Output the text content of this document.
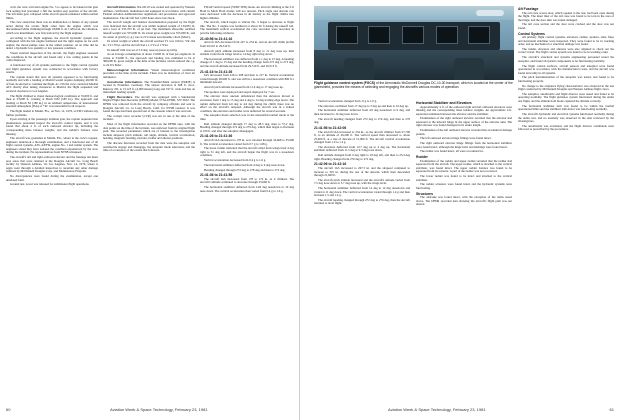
craft, the crew activated engine No. 3 to appear to be balanced the gust lock setting had prevented a full the normal stop position of the aircraft. The left main gear collapsed while aircraft speeds remained within normal limits.

The crew stated that there was no malfunction or failure of any system noted during the events flight other than the engine which was discontinued while climbing through 18,000 ft. At 1:48 local, the vibration, which was intermittent, was first noticed by the flight engineer.

According to the flight engineer, the aircraft hydraulic system was configured with the left engine feathered and the right engine on for each engine; the motor-pumps were in the armed position. At no time did he detect a hydraulic low quantity or low pressure condition.

Visual external inspection of the aircraft, the flight engineer assessed the conditions in the aircraft and found only a few ceiling panels in the cabin displaced.

A functional test of all systems pertinent to the flight control systems and flight guidance system was conducted in accordance with factory results.

The captain stated that once all systems appeared to be functioning normally and with a landing at Madrid would require dumping 40,000 lb. of fuel, he elected to continue the flight. At 1:56 the crew contacted Madrid ATC shortly after tuning clearances to Madrid, the flight requested and received clearance to Los Angeles.

The flight climbed to visual meteorological conditions at 35,000 ft. and then to 33,000 ft. cruising at Mach 0.82 (180 kt.). The approach and landing at Mach 82 (180 kt.) in an ambient temperature of international standard atmosphere (ISA) of +4C was uneventful in all respects.

The flight landed at Miami, Fla., on Nov. 12, 1979, at 0303 without any further problems.

Upon arriving at the passenger terminal gate, the captain requested that maintenance personnel inspect the aircraft's control inputs, and it was found that about 4 ft. of each outboard elevator tip, including the corresponding mass balance weights, and the rudder's balance were missing.

The aircraft was grounded at Miami, Fla., where at the crew's request, engineers undertook a thorough examination, and a functional test of all flight control systems, ATS, AP/FD, engine No. 1 and rudder system. The engineers stated they have isolated the condition experienced by the crew during the incident. No representatives from NTSB witnessed.

The aircraft's tail and right outboard elevator and the fuselage tail inner area areas that were retained at the Douglas Aircraft Co. Long Beach facility by Western Airlines, via Los Angeles, Nov. 14, 1979, where it again went through a detailed inspection to ascertain any other damage suffered by McDonnell Douglas Corp. and Maintenance Program.

No discrepancies were found during the examination, except one unrelated fault.

Ground test. A test was released for submission flight operations.

Aircraft Information. NA-DC10 was owned and operated by Western Airlines, certificated, maintained and equipped in accordance with current Federal Aviation Administration regulations and procedures and approved maintenance. The aircraft had 1,063 hours since last check.

The aircraft weight and balance documentation prepared by the flight crew indicated that the aircraft was within required weight of 134,855 lb. and a load of 235,703 lb. of jet fuel. The maximum allowable certified takeoff weight was 555,000 lb. Its actual gross weight was 555,000 lb. and its center of gravity (c.g.) was at 21% mean aerodynamic chord (MAC).

Its actual weight at which the aircraft reached V1 was 160 kt.; VR 164 kt.; V2 170 kt. and the aircraft had a 1.3 Vs of 170 kt.

Its takeoff trim was set at 5.0 deg. nose up (nose up trim).

As an average consumption of about 13,000 lb. of fuel per engine-hr. in cruise at 33,000 ft., the approach and landing was estimated to be at 389,000 lb. gross weight at the time of the incident, which reduced the c.g. to 22.6% MAC.

Meteorological Information. Visual meteorological conditions prevailed at the time of the incident. There was no indication of clear air turbulence.

Aerodrome Information. The Frankfurt/Main Airport (EDDF) is located in Frankfurt, Germany. The airport elevation is 368 ft. m.s.l. Runway 25L is 13,123 ft. (4,000 meters) long and 197 ft. wide and has an instrument landing system.

Flight Recorders. The aircraft was equipped with a Sundstrand Digital Flight Data Recorder (DFDR) Model 573A-UFDR, S/N 3632. The DFDR was removed from the aircraft by company officials and sent to Douglas Aircraft Co. in Long Beach, Calif. for NTSB readout. It was found the tape had been spooled out of the cassette when it was read out.

The cockpit voice recorder (CVR) was not in use at the time of the incident.

Most of the flight information recorded on the DFDR tape, with the data points on the time of the incident, was retrieved from its original flight path. The recorded parameters which are of interest to the investigation include airspeed, pitch attitude, roll angle, altitude, vertical acceleration, heading, magnetic heading, elevator, rudder and aileron positions.

The discrete functions recorded from the data were the autopilot and autothrottle engage and disengage, the autopilot mode selections, and the time of occurrence of the events that followed.

FD/AP vertical speed (VERT SPD) mode. An aircraft climbing at the 5-ft Hold in Mach Hold modes will not descent. Pitch angle and descent rate were decreased with the decrease in all density as the flight climbs into higher altitudes.

The aircraft, which began to vibrate No. 3 began to decrease to flight idle. The No. 3 engine was feathered at about 20 ft during the takeoff roll. The maximum vertical acceleration the crew recorded, were recorded, in part the following evidence:

21:40:56 to 21:41:16

Aircraft IAS decreased from 247 to 254 kt. and an aircraft climb profile from 29,510 to 29,510 ft.

Aircraft pitch attitude increased from 8 deg to 11 deg nose up. Roll attitude varied from wings level to 14 deg right wing down.

The horizontal stabilizer was deflected from 1.1 deg to 15 deg. A heading change of 1 deg to 15 deg and the heading change from 272 deg to 273 deg, and the aircraft altitude increased from 29,510 ft. and 29,513 ft.

21:41:16 to 21:41:26

IAS decreased from 226 to 208 and then to 217 kt. Vertical acceleration varied through 26.600 ft. and was still in a nosedown condition with 800 ft a minimum descent.

Aircraft pitch attitude increased from 11.6 deg to 17 deg nose up.

The spoilers were deployed and stayed deployed for 7 sec.

The elevator show uneven unbalanced then the elevators moved at excursion from 1 deg to 15 deg and 4 deg to 14 deg trailing edge down. The rudder deflected from 4.6 deg to 4.6 deg during the climb; there was no effect on the aircraft's airspeed. Although the aircraft was in a stalled condition, the elevators and rudder were deflected for several seconds.

The autopilot mode selection was in the uneventful normal mode at the time.

Roll attitude changed through 17 deg to 28.3 deg, then to 57.2 deg. Heading changed through 274 deg to 279 deg, which then began to fluctuate at 100 ft. and after the autopilot disengaged.

21:41:26 to 21:41:36

Aircraft IAS decreased to 178 kt. as it traveled through 34,668 to 35,900 ft. The vertical acceleration varied from 0.7 g to 1.68 g.

The lower rudder indicated that the aircraft rolled from wings level 4 deg right to 31 deg left, and the aircraft began the flight was in a nosedown condition.

Vertical acceleration decreased from 0.4 g to 1.6 g.

The horizontal stabilizer deflected from 4 deg to 6 deg nose down.

Heading changed through 273 deg to 278 deg and then to 272 deg.

21:41:36 to 21:41:56

The aircraft IAS decreased from 178 to 172 kt. as it climbed. The aircraft's altitude continued to decrease through 25,600 ft.

The horizontal stabilizer deflected from 14.8 deg nosedown to 10 deg nose down. The vertical acceleration then varied from 0.4 g to 1.6 g.

60	Aviation Week & Space Technology, February 23, 1981
Flight guidance control system (FGCS) of the Aeronautic McDonnell Douglas DC-10-30 transport, which is located at the center of the glareshield, provides the means of selecting and engaging the aircraft's various modes of operation.

Vertical acceleration changed from -0 g to 1.0 g.

The elevators oscillated from 17 deg up to 3 deg up and then to 16 deg up.

The horizontal stabilizer deflected from 4.9 deg nosedown to 9 deg, and then increased to 14 deg nose down.

The aircraft heading changed from 272 deg to 274 deg, and then to 276 deg.

21:41:56 to 21:42:06

The aircraft IAS increased to 234 kt., as the aircraft climbed from 27,700 ft. to an altitude of 26,200 ft. The vertical speed then decreased to about 25,600 ft. at a rate of descent of 15,000 ft. The aircraft vertical acceleration changed from 1.0 to 1.4 g.

The elevators deflected from 12.7 deg up to 4 deg up. The horizontal stabilizer deflected from 11.5 deg to 9.3 deg nose down.

Roll attitude changed from 4 deg right to 18 deg left, and then to 23.4 deg right. Heading changed from 279 deg to 272 deg.

21:42:06 to 21:42:16

The aircraft IAS increased to 267.5 kt. and the airspeed continued to increase to 325 kt. during the rest of the descent, which then descended through 21,600 ft.

The aircraft pitch attitude increased and the aircraft's attitude varied from 7.5 deg nose down to 5.7 deg nose up, with the wings level.

The horizontal stabilizer deflected from 14 deg to 12 deg nosedown and varied at 11 deg down. The vertical acceleration varied through 1.4 g and then between 1.5 and 1.4 g.

The aircraft heading changed through 272 deg to 276 deg, then the aircraft returned to level flight.

Horizontal Stabilizer and Elevators

Approximately 4 ft. of the outboard right and left outboard elevators were missing and the corresponding mass balance weights. An approximate 2-ft. separation remained between the elevator and the stabilizer.

Examination of the right outboard elevator revealed that the elevator had separated at the inboard hinge in the upper surface of the elevator skin. The right elevator was found damaged in its entire length.

Examination of the left outboard elevator revealed that an identical damage pattern.

The left outboard elevator hinge fittings were found intact.

The right outboard elevator hinge fittings from the horizontal stabilizer were found intact, although the hinge bolts and bushings were found intact.

The rudder was found intact, all were accounted for.

Rudder

Examination of the rudder and upper rudder revealed that the rudder had separated from the aircraft. The upper rudder, which is attached to the vertical stabilizer, was found intact. The upper rudder balance was found to be separated from its actuator. A part of the rudder was not recovered.

The lower rudder was found to be intact and attached to the vertical stabilizer.

The rudder actuators were found intact and the hydraulic systems were functioning.

Structures

The airframe was found intact, with the exception of the items noted above. The DFDR recorded data showing the aircraft's flight path was not altered.

Aft Fuselage

The tail cone access door, which opened to the rear, had been open during the flight. The inner liner of the tail cone was found to be torn in the area of the hinge; and the door skin was found damaged.

The tail cone section and the door were cracked and the door was not found.

Control Systems

All primary flight control systems, elevators, rudder, spoilers, slats, flaps and horizontal stabilizer were inspected. They were found to be in working order, and no mechanical or structural damage was found.

The rudder, elevators and ailerons were also adjusted to check out the correct travel. The flight control system was found to be in working order.

The aircraft's structural and systems engineering personnel tested the autopilot, and found all system components to be functioning normally.

The flight control surfaces, aircraft sensors and autopilot were found operational in accordance with the manufacturer's tests, and the aircraft was found airworthy in all systems.

The pitch instrumentation of the autopilot was tested, and found to be functioning properly.

No change to the airplane's flying characteristics was observed in the test flight conducted by McDonnell Douglas and Western Airlines flight crews.

The autopilot, autothrottle and flight director were tested and found to be operating normally. The flight guidance system functioned during the entire test flight, and the altitude hold mode captured the altitude correctly.

The horizontal stabilizer trim was found to be within the normal operational limits and the stabilizer trim motor was functioning normally.

The aircraft's hydraulic and electrical systems functioned normally during the entire test, and no anomaly was observed in the data reviewed by the investigators.

The autothrottle was evaluated, and the flight director commands were followed as prescribed by the procedures.

Aviation Week & Space Technology, February 23, 1981	61
